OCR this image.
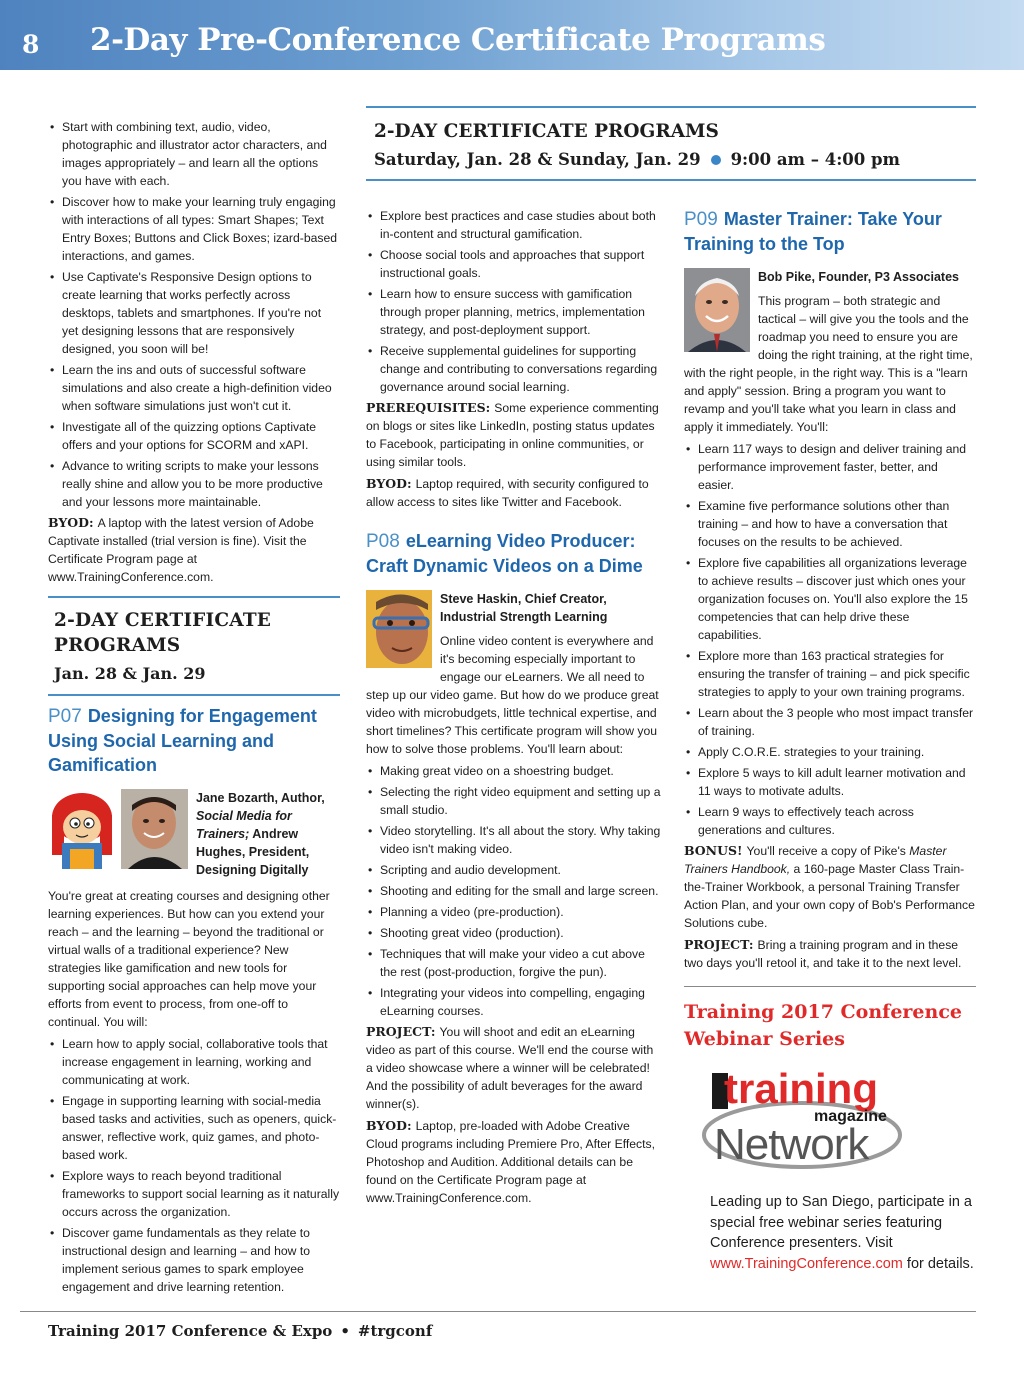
8 2-Day Pre-Conference Certificate Programs
2-DAY CERTIFICATE PROGRAMS
Saturday, Jan. 28 & Sunday, Jan. 29 9:00 am – 4:00 pm
• Start with combining text, audio, video, photographic and illustrator actor characters, and images appropriately – and learn all the options you have with each.
• Discover how to make your learning truly engaging with interactions of all types: Smart Shapes; Text Entry Boxes; Buttons and Click Boxes; izard-based interactions, and games.
• Use Captivate's Responsive Design options to create learning that works perfectly across desktops, tablets and smartphones. If you're not yet designing lessons that are responsively designed, you soon will be!
• Learn the ins and outs of successful software simulations and also create a high-definition video when software simulations just won't cut it.
• Investigate all of the quizzing options Captivate offers and your options for SCORM and xAPI.
• Advance to writing scripts to make your lessons really shine and allow you to be more productive and your lessons more maintainable.

BYOD: A laptop with the latest version of Adobe Captivate installed (trial version is fine). Visit the Certificate Program page at www.TrainingConference.com.

2-DAY CERTIFICATE PROGRAMS
Jan. 28 & Jan. 29
P07 Designing for Engagement Using Social Learning and Gamification
Jane Bozarth, Author, Social Media for Trainers; Andrew Hughes, President, Designing Digitally

You're great at creating courses and designing other learning experiences. But how can you extend your reach – and the learning – beyond the traditional or virtual walls of a traditional experience? New strategies like gamification and new tools for supporting social approaches can help move your efforts from event to process, from one-off to continual. You will:

• Learn how to apply social, collaborative tools that increase engagement in learning, working and communicating at work.
• Engage in supporting learning with social-media based tasks and activities, such as openers, quick-answer, reflective work, quiz games, and photo-based work.
• Explore ways to reach beyond traditional frameworks to support social learning as it naturally occurs across the organization.
• Discover game fundamentals as they relate to instructional design and learning – and how to implement serious games to spark employee engagement and drive learning retention.
• Explore best practices and case studies about both in-content and structural gamification.
• Choose social tools and approaches that support instructional goals.
• Learn how to ensure success with gamification through proper planning, metrics, implementation strategy, and post-deployment support.
• Receive supplemental guidelines for supporting change and contributing to conversations regarding governance around social learning.

PREREQUISITES: Some experience commenting on blogs or sites like LinkedIn, posting status updates to Facebook, participating in online communities, or using similar tools.

BYOD: Laptop required, with security configured to allow access to sites like Twitter and Facebook.

P08 eLearning Video Producer: Craft Dynamic Videos on a Dime
Steve Haskin, Chief Creator, Industrial Strength Learning

Online video content is everywhere and it's becoming especially important to engage our eLearners. We all need to step up our video game. But how do we produce great video with microbudgets, little technical expertise, and short timelines? This certificate program will show you how to solve those problems. You'll learn about:

• Making great video on a shoestring budget.
• Selecting the right video equipment and setting up a small studio.
• Video storytelling. It's all about the story. Why taking video isn't making video.
• Scripting and audio development.
• Shooting and editing for the small and large screen.
• Planning a video (pre-production).
• Shooting great video (production).
• Techniques that will make your video a cut above the rest (post-production, forgive the pun).
• Integrating your videos into compelling, engaging eLearning courses.

PROJECT: You will shoot and edit an eLearning video as part of this course. We'll end the course with a video showcase where a winner will be celebrated! And the possibility of adult beverages for the award winner(s).

BYOD: Laptop, pre-loaded with Adobe Creative Cloud programs including Premiere Pro, After Effects, Photoshop and Audition. Additional details can be found on the Certificate Program page at www.TrainingConference.com.

P09 Master Trainer: Take Your Training to the Top
Bob Pike, Founder, P3 Associates

This program – both strategic and tactical – will give you the tools and the roadmap you need to ensure you are doing the right training, at the right time, with the right people, in the right way. This is a "learn and apply" session. Bring a program you want to revamp and you'll take what you learn in class and apply it immediately. You'll:

• Learn 117 ways to design and deliver training and performance improvement faster, better, and easier.
• Examine five performance solutions other than training – and how to have a conversation that focuses on the results to be achieved.
• Explore five capabilities all organizations leverage to achieve results – discover just which ones your organization focuses on. You'll also explore the 15 competencies that can help drive these capabilities.
• Explore more than 163 practical strategies for ensuring the transfer of training – and pick specific strategies to apply to your own training programs.
• Learn about the 3 people who most impact transfer of training.
• Apply C.O.R.E. strategies to your training.
• Explore 5 ways to kill adult learner motivation and 11 ways to motivate adults.
• Learn 9 ways to effectively teach across generations and cultures.

BONUS! You'll receive a copy of Pike's Master Trainers Handbook, a 160-page Master Class Train-the-Trainer Workbook, a personal Training Transfer Action Plan, and your own copy of Bob's Performance Solutions cube.

PROJECT: Bring a training program and in these two days you'll retool it, and take it to the next level.

Training 2017 Conference Webinar Series
training
magazine
Network
Leading up to San Diego, participate in a special free webinar series featuring Conference presenters. Visit www.TrainingConference.com for details.
Training 2017 Conference & Expo • #trgconf
